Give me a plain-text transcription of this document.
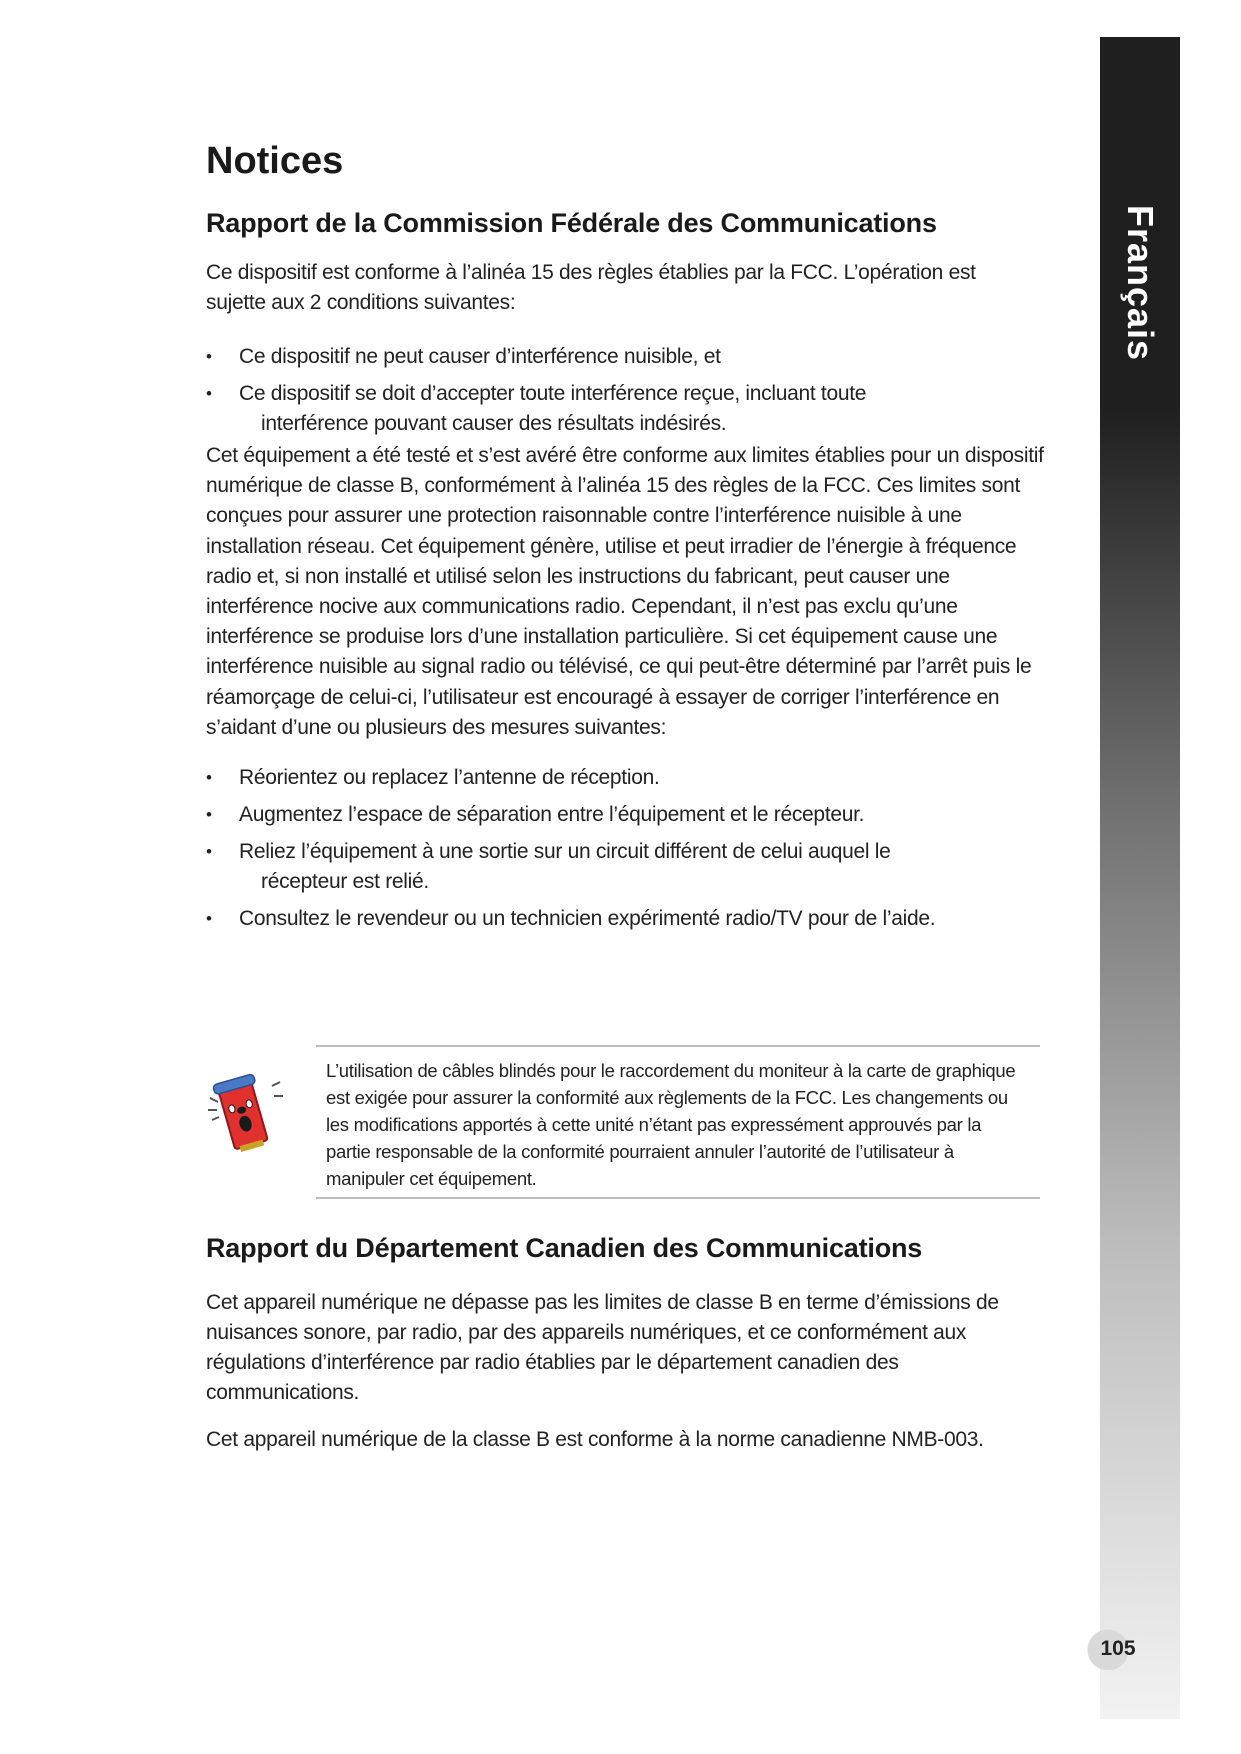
Français
Notices
Rapport de la Commission Fédérale des Communications

Ce dispositif est conforme à l’alinéa 15 des règles établies par la FCC. L’opération est sujette aux 2 conditions suivantes:

• Ce dispositif ne peut causer d’interférence nuisible, et
• Ce dispositif se doit d’accepter toute interférence reçue, incluant toute
interférence pouvant causer des résultats indésirés.

Cet équipement a été testé et s’est avéré être conforme aux limites établies pour un dispositif numérique de classe B, conformément à l’alinéa 15 des règles de la FCC. Ces limites sont conçues pour assurer une protection raisonnable contre l’interférence nuisible à une installation réseau. Cet équipement génère, utilise et peut irradier de l’énergie à fréquence radio et, si non installé et utilisé selon les instructions du fabricant, peut causer une interférence nocive aux communications radio. Cependant, il n’est pas exclu qu’une interférence se produise lors d’une installation particulière. Si cet équipement cause une interférence nuisible au signal radio ou télévisé, ce qui peut-être déterminé par l’arrêt puis le réamorçage de celui-ci, l’utilisateur est encouragé à essayer de corriger l’interférence en s’aidant d’une ou plusieurs des mesures suivantes:

• Réorientez ou replacez l’antenne de réception.
• Augmentez l’espace de séparation entre l’équipement et le récepteur.
• Reliez l’équipement à une sortie sur un circuit différent de celui auquel le
récepteur est relié.
• Consultez le revendeur ou un technicien expérimenté radio/TV pour de l’aide.
Rapport du Département Canadien des Communications

Cet appareil numérique ne dépasse pas les limites de classe B en terme d’émissions de nuisances sonore, par radio, par des appareils numériques, et ce conformément aux régulations d’interférence par radio établies par le département canadien des communications.

Cet appareil numérique de la classe B est conforme à la norme canadienne NMB-003.

L’utilisation de câbles blindés pour le raccordement du moniteur à la carte de graphique est exigée pour assurer la conformité aux règlements de la FCC. Les changements ou les modifications apportés à cette unité n’étant pas expressément approuvés par la partie responsable de la conformité pourraient annuler l’autorité de l’utilisateur à manipuler cet équipement.

105
